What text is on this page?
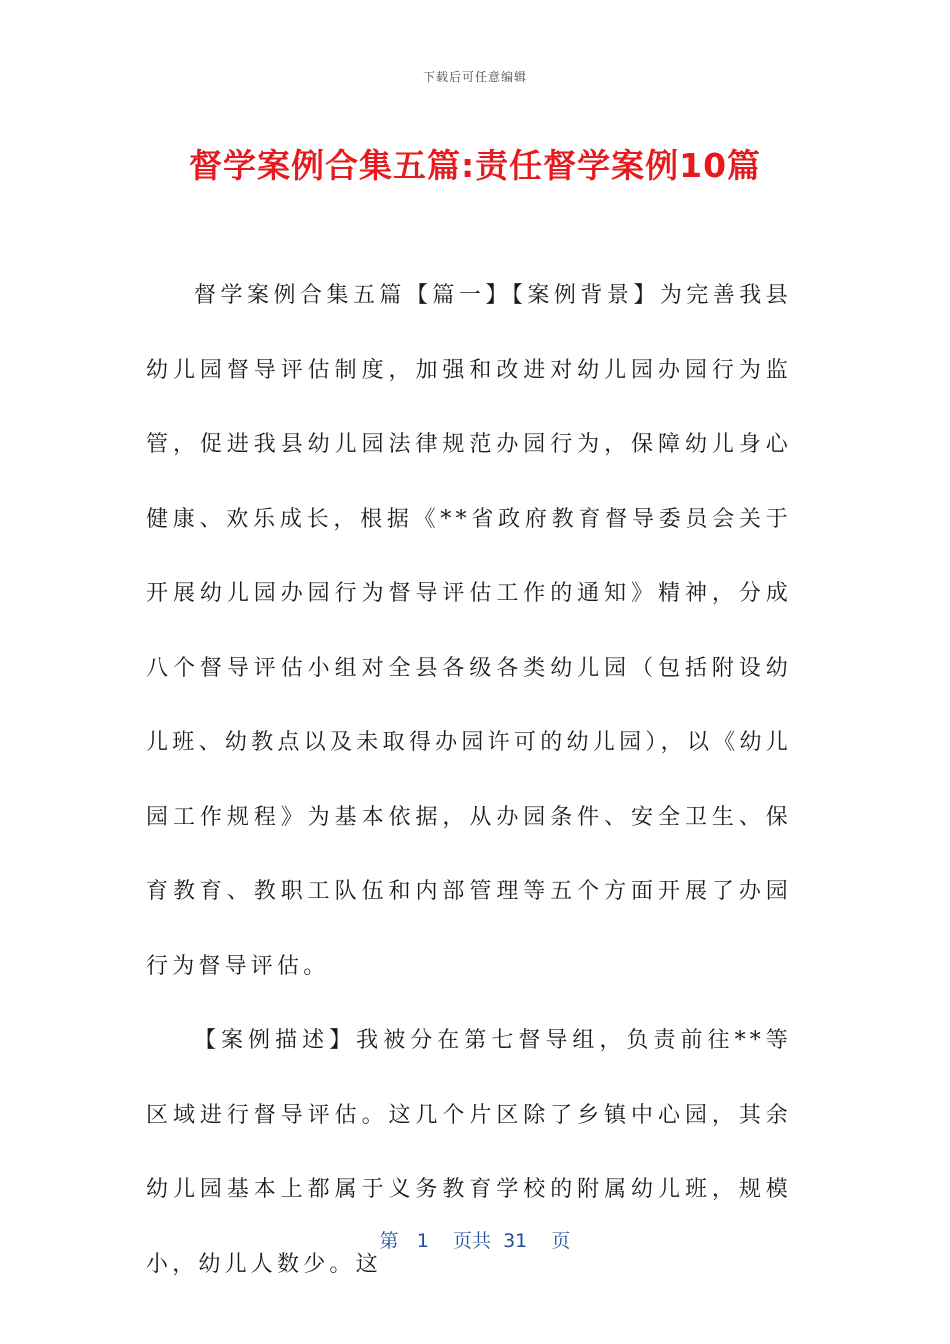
下载后可任意编辑
督学案例合集五篇:责任督学案例10篇

督学案例合集五篇【篇一】【案例背景】为完善我县幼儿园督导评估制度，加强和改进对幼儿园办园行为监管，促进我县幼儿园法律规范办园行为，保障幼儿身心健康、欢乐成长，根据《**省政府教育督导委员会关于开展幼儿园办园行为督导评估工作的通知》精神，分成八个督导评估小组对全县各级各类幼儿园（包括附设幼儿班、幼教点以及未取得办园许可的幼儿园），以《幼儿园工作规程》为基本依据，从办园条件、安全卫生、保育教育、教职工队伍和内部管理等五个方面开展了办园行为督导评估。

【案例描述】我被分在第七督导组，负责前往**等区域进行督导评估。这几个片区除了乡镇中心园，其余幼儿园基本上都属于义务教育学校的附属幼儿班，规模小，幼儿人数少。这

第 1 页共 31 页
